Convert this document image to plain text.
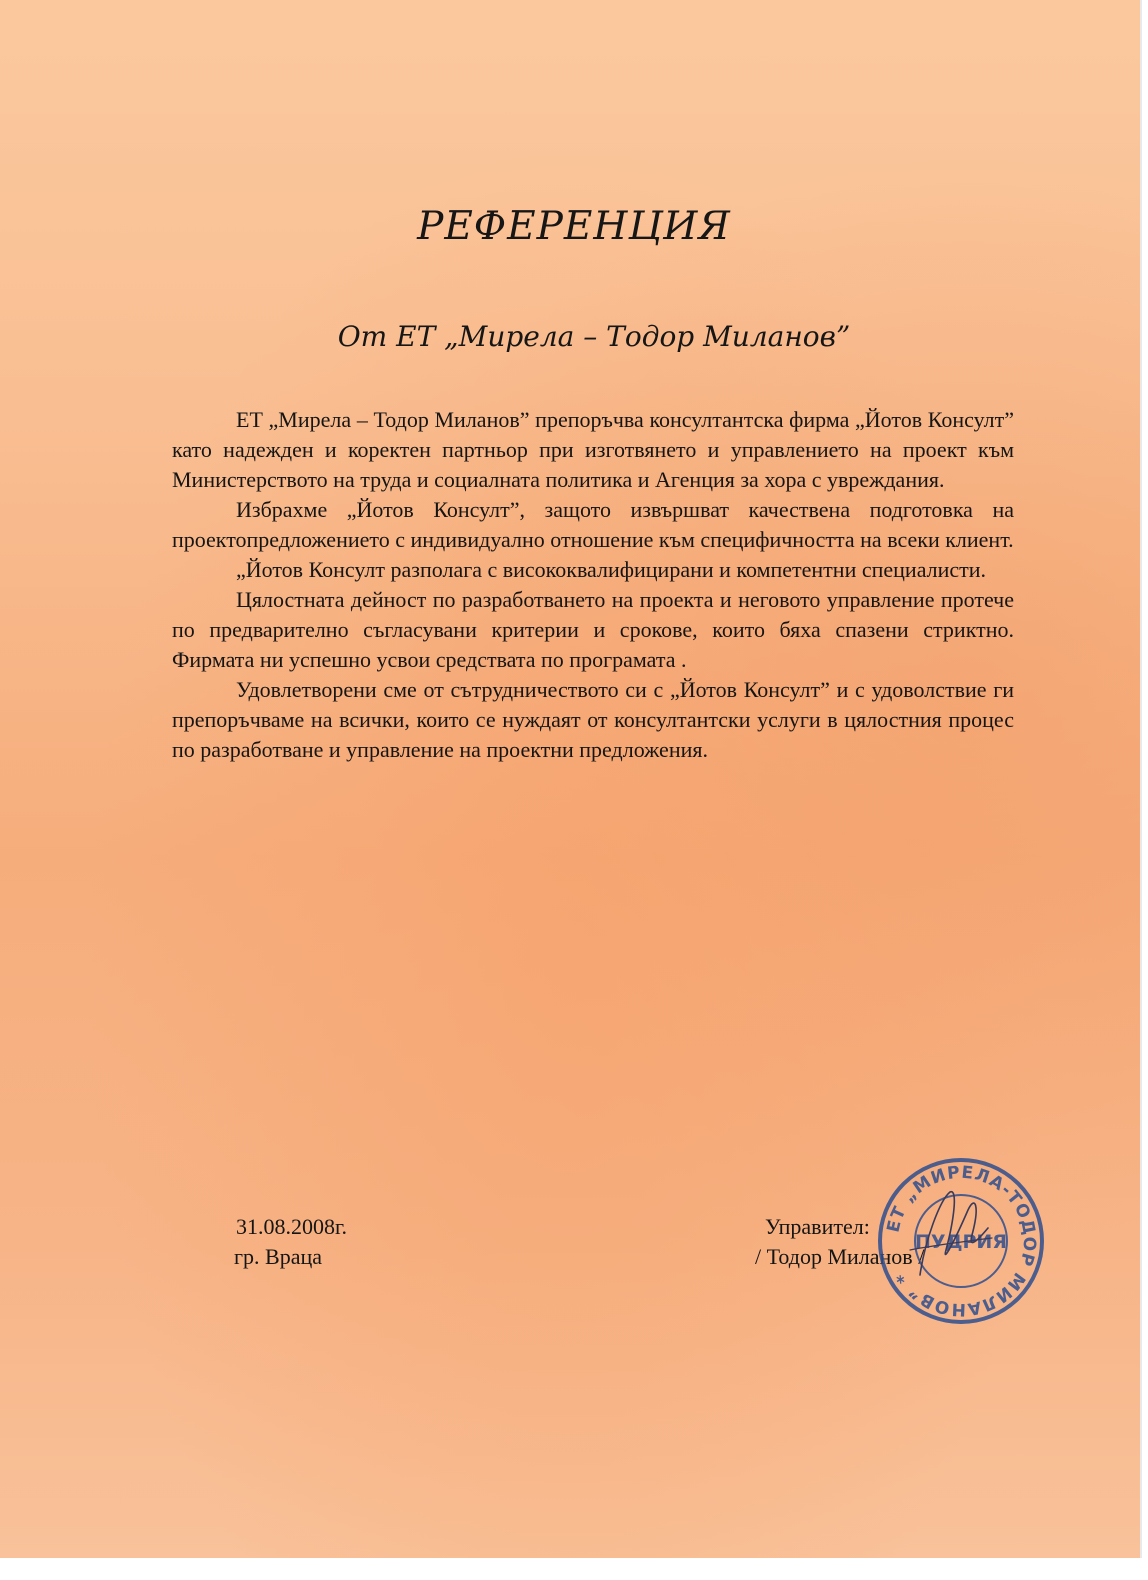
РЕФЕРЕНЦИЯ
От ЕТ „Мирела – Тодор Миланов”

ЕТ „Мирела – Тодор Миланов” препоръчва консултантска фирма „Йотов Консулт” като надежден и коректен партньор при изготвянето и управлението на проект към Министерството на труда и социалната политика и Агенция за хора с увреждания.

Избрахме „Йотов Консулт”, защото извършват качествена подготовка на проектопредложението с индивидуално отношение към специфичността на всеки клиент.

„Йотов Консулт разполага с висококвалифицирани и компетентни специалисти.

Цялостната дейност по разработването на проекта и неговото управление протече по предварително съгласувани критерии и срокове, които бяха спазени стриктно. Фирмата ни успешно усвои средствата по програмата .

Удовлетворени сме от сътрудничеството си с „Йотов Консулт” и с удоволствие ги препоръчваме на всички, които се нуждаят от консултантски услуги в цялостния процес по разработване и управление на проектни предложения.

31.08.2008г.
гр. Враца
Управител:
/ Тодор Миланов /
ЕТ „МИРЕЛА-ТОДОР МИЛАНОВ” *
ПУДРИЯ
